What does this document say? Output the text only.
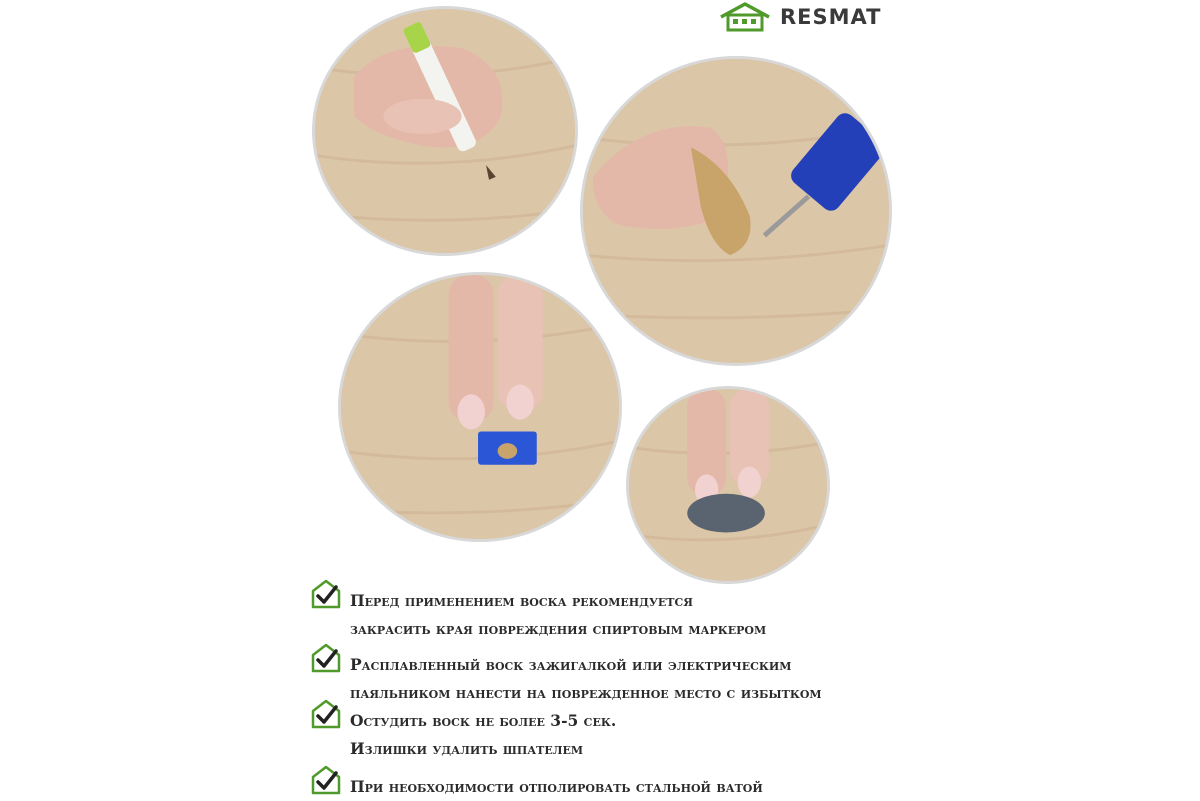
RESMAT
Перед применением воска рекомендуется
закрасить края повреждения спиртовым маркером
Расплавленный воск зажигалкой или электрическим
паяльником нанести на поврежденное место с избытком
Остудить воск не более 3-5 сек.
Излишки удалить шпателем
При необходимости отполировать стальной ватой
